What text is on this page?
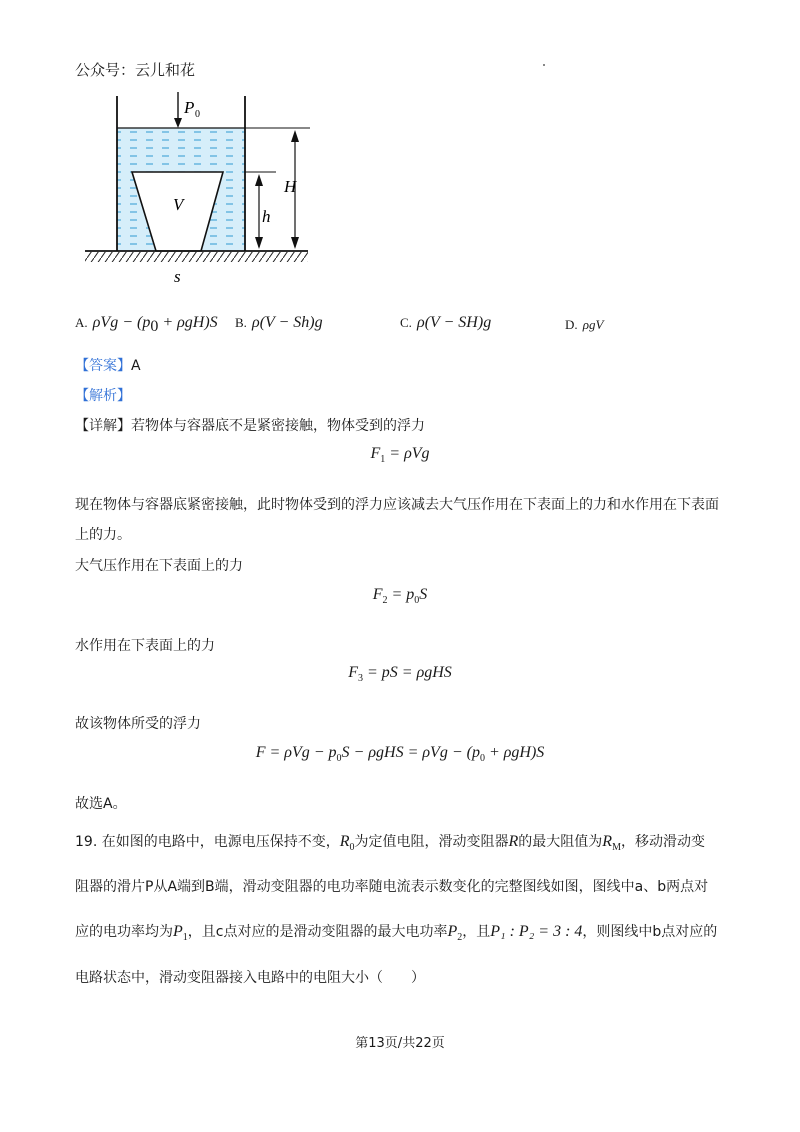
公众号：云儿和花
P 0
H
h
V
s
A. $\rho Vg - (p_0 + \rho gH)S$ B. ρ(V − Sh)g	C. ρ(V − SH)g	D. ρgV
【答案】A
【解析】
【详解】若物体与容器底不是紧密接触，物体受到的浮力
$F_1 = \rho Vg$
现在物体与容器底紧密接触，此时物体受到的浮力应该减去大气压作用在下表面上的力和水作用在下表面
上的力。
大气压作用在下表面上的力
$F_2 = p_0S$
水作用在下表面上的力
$F_3$ = pS = ρgHS
故该物体所受的浮力
$F = \rho Vg - p_0S - \rho gHS = \rho Vg - (p_0 + \rho gH)S$
故选A。
19. 在如图的电路中，电源电压保持不变，$R_0$为定值电阻，滑动变阻器R的最大阻值为$R_M$，移动滑动变
阻器的滑片P从A端到B端，滑动变阻器的电功率随电流表示数变化的完整图线如图，图线中a、b两点对
应的电功率均为$P_1$，且c点对应的是滑动变阻器的最大电功率$P_2$，且P₁ : P₂ = 3 : 4，则图线中b点对应的
电路状态中，滑动变阻器接入电路中的电阻大小（　　）
第13页/共22页
